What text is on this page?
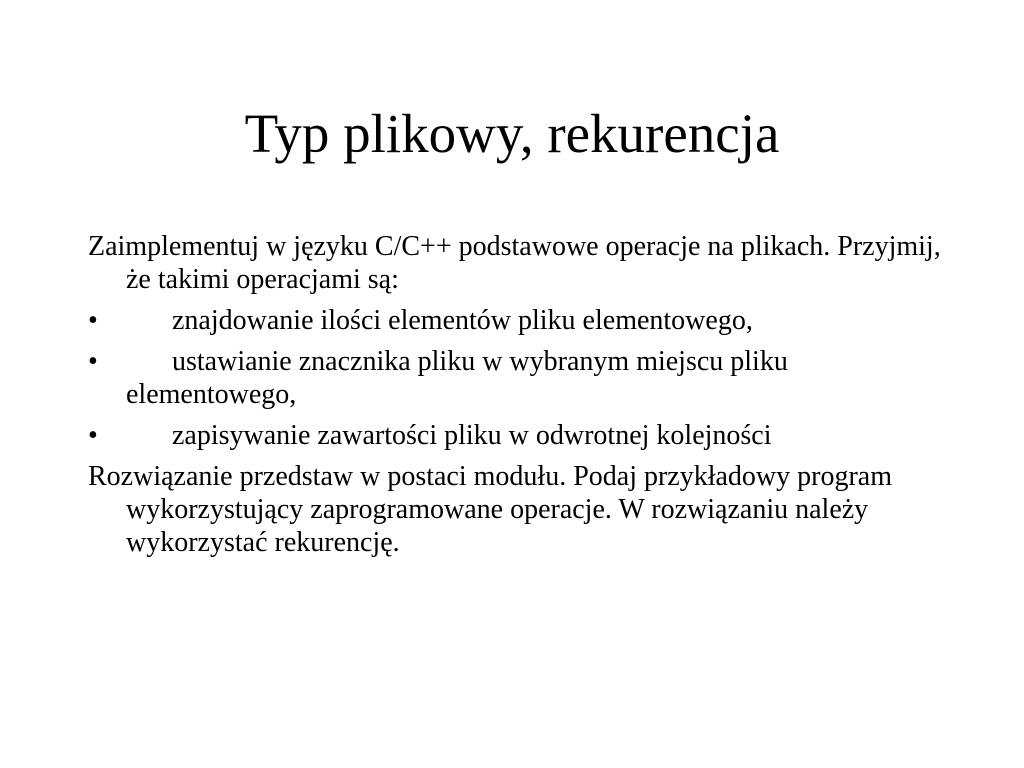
Typ plikowy, rekurencja

Zaimplementuj w języku C/C++ podstawowe operacje na plikach. Przyjmij, że takimi operacjami są:

•	znajdowanie ilości elementów pliku elementowego,
•	ustawianie znacznika pliku w wybranym miejscu pliku elementowego,
•	zapisywanie zawartości pliku w odwrotnej kolejności

Rozwiązanie przedstaw w postaci modułu. Podaj przykładowy program wykorzystujący zaprogramowane operacje. W rozwiązaniu należy wykorzystać rekurencję.
